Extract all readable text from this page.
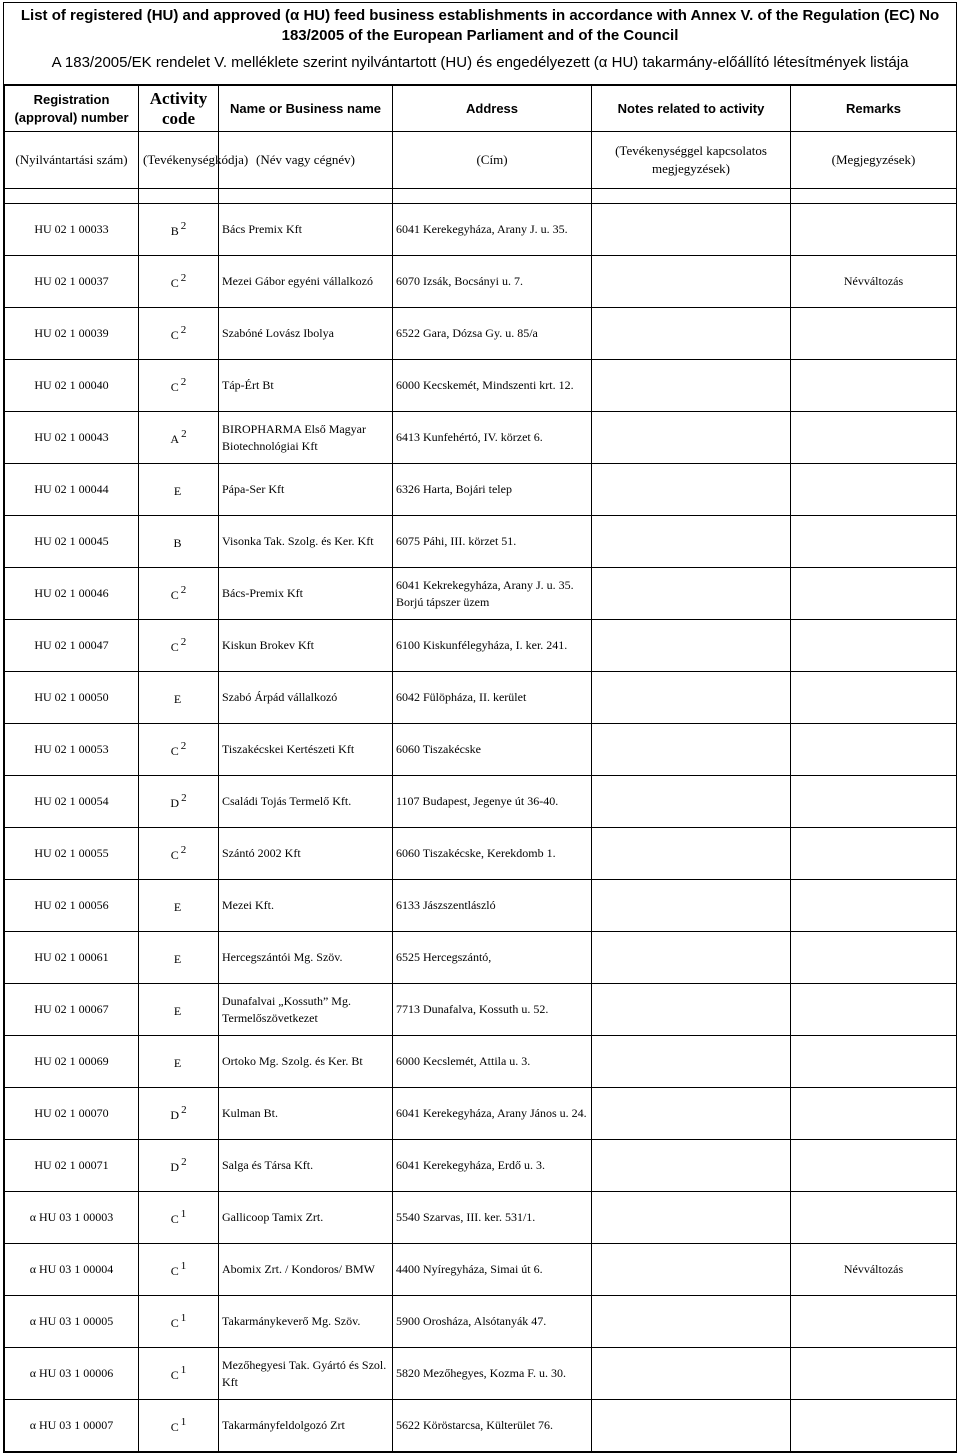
List of registered (HU) and approved (α HU) feed business establishments in accordance with Annex V. of the Regulation (EC) No 183/2005 of the European Parliament and of the Council
A 183/2005/EK rendelet V. melléklete szerint nyilvántartott (HU) és engedélyezett (α HU) takarmány-előállító létesítmények listája
Registration (approval) number	Activity code	Name or Business name	Address	Notes related to activity	Remarks
(Nyilvántartási szám)	(Tevékenységkódja)	(Név vagy cégnév)	(Cím)	(Tevékenységgel kapcsolatos megjegyzések)	(Megjegyzések)

HU 02 1 00033	B $^2$	Bács Premix Kft	6041 Kerekegyháza, Arany J. u. 35.		
HU 02 1 00037	C $^2$	Mezei Gábor egyéni vállalkozó	6070 Izsák, Bocsányi u. 7.		Névváltozás
HU 02 1 00039	C $^2$	Szabóné Lovász Ibolya	6522 Gara, Dózsa Gy. u. 85/a		
HU 02 1 00040	C $^2$	Táp-Ért Bt	6000 Kecskemét, Mindszenti krt. 12.		
HU 02 1 00043	A $^2$	BIROPHARMA Első Magyar Biotechnológiai Kft	6413 Kunfehértó, IV. körzet 6.		
HU 02 1 00044	E	Pápa-Ser Kft	6326 Harta, Bojári telep		
HU 02 1 00045	B	Visonka Tak. Szolg. és Ker. Kft	6075 Páhi, III. körzet 51.		
HU 02 1 00046	C $^2$	Bács-Premix Kft	6041 Kekrekegyháza, Arany J. u. 35. Borjú tápszer üzem		
HU 02 1 00047	C $^2$	Kiskun Brokev Kft	6100 Kiskunfélegyháza, I. ker. 241.		
HU 02 1 00050	E	Szabó Árpád vállalkozó	6042 Fülöpháza, II. kerület		
HU 02 1 00053	C $^2$	Tiszakécskei Kertészeti Kft	6060 Tiszakécske		
HU 02 1 00054	D $^2$	Családi Tojás Termelő Kft.	1107 Budapest, Jegenye út 36-40.		
HU 02 1 00055	C $^2$	Szántó 2002 Kft	6060 Tiszakécske, Kerekdomb 1.		
HU 02 1 00056	E	Mezei Kft.	6133 Jászszentlászló		
HU 02 1 00061	E	Hercegszántói Mg. Szöv.	6525 Hercegszántó,		
HU 02 1 00067	E	Dunafalvai „Kossuth” Mg. Termelőszövetkezet	7713 Dunafalva, Kossuth u. 52.		
HU 02 1 00069	E	Ortoko Mg. Szolg. és Ker. Bt	6000 Kecslemét, Attila u. 3.		
HU 02 1 00070	D $^2$	Kulman Bt.	6041 Kerekegyháza, Arany János u. 24.		
HU 02 1 00071	D $^2$	Salga és Társa Kft.	6041 Kerekegyháza, Erdő u. 3.		
α HU 03 1 00003	C $^1$	Gallicoop Tamix Zrt.	5540 Szarvas, III. ker. 531/1.		
α HU 03 1 00004	C $^1$	Abomix Zrt. / Kondoros/ BMW	4400 Nyíregyháza, Simai út 6.		Névváltozás
α HU 03 1 00005	C $^1$	Takarmánykeverő Mg. Szöv.	5900 Orosháza, Alsótanyák 47.		
α HU 03 1 00006	C $^1$	Mezőhegyesi Tak. Gyártó és Szol. Kft	5820 Mezőhegyes, Kozma F. u. 30.		
α HU 03 1 00007	C $^1$	Takarmányfeldolgozó Zrt	5622 Köröstarcsa, Külterület 76.		
